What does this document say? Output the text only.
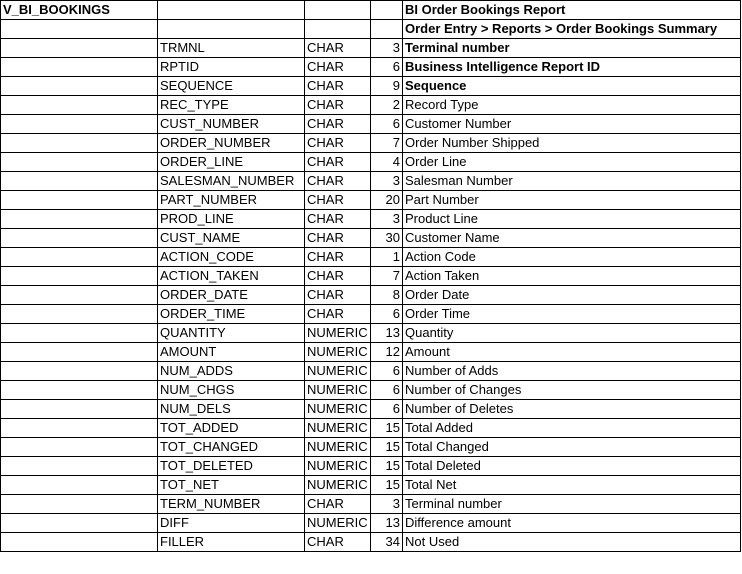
V_BI_BOOKINGS				BI Order Bookings Report
				Order Entry > Reports > Order Bookings Summary
	TRMNL	CHAR	3	Terminal number
	RPTID	CHAR	6	Business Intelligence Report ID
	SEQUENCE	CHAR	9	Sequence
	REC_TYPE	CHAR	2	Record Type
	CUST_NUMBER	CHAR	6	Customer Number
	ORDER_NUMBER	CHAR	7	Order Number Shipped
	ORDER_LINE	CHAR	4	Order Line
	SALESMAN_NUMBER	CHAR	3	Salesman Number
	PART_NUMBER	CHAR	20	Part Number
	PROD_LINE	CHAR	3	Product Line
	CUST_NAME	CHAR	30	Customer Name
	ACTION_CODE	CHAR	1	Action Code
	ACTION_TAKEN	CHAR	7	Action Taken
	ORDER_DATE	CHAR	8	Order Date
	ORDER_TIME	CHAR	6	Order Time
	QUANTITY	NUMERIC	13	Quantity
	AMOUNT	NUMERIC	12	Amount
	NUM_ADDS	NUMERIC	6	Number of Adds
	NUM_CHGS	NUMERIC	6	Number of Changes
	NUM_DELS	NUMERIC	6	Number of Deletes
	TOT_ADDED	NUMERIC	15	Total Added
	TOT_CHANGED	NUMERIC	15	Total Changed
	TOT_DELETED	NUMERIC	15	Total Deleted
	TOT_NET	NUMERIC	15	Total Net
	TERM_NUMBER	CHAR	3	Terminal number
	DIFF	NUMERIC	13	Difference amount
	FILLER	CHAR	34	Not Used
